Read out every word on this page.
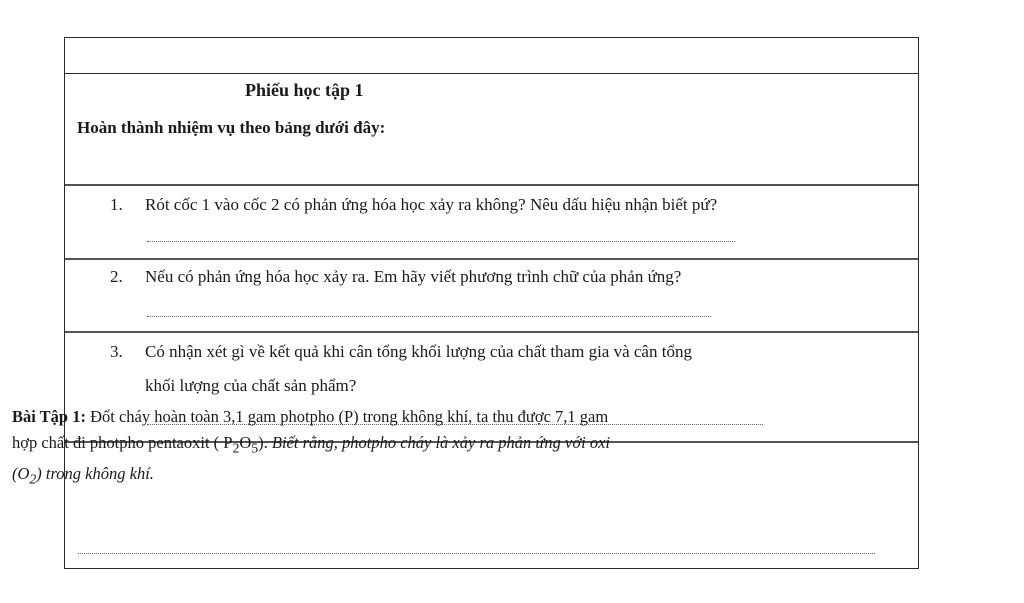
Phiếu học tập 1
Hoàn thành nhiệm vụ theo bảng dưới đây:
1. Rót cốc 1 vào cốc 2 có phản ứng hóa học xảy ra không? Nêu dấu hiệu nhận biết pứ?
2. Nếu có phản ứng hóa học xảy ra. Em hãy viết phương trình chữ của phản ứng?
3. Có nhận xét gì về kết quả khi cân tổng khối lượng của chất tham gia và cân tổng
khối lượng của chất sản phẩm?
Bài Tập 1: Đốt cháy hoàn toàn 3,1 gam photpho (P) trong không khí, ta thu được 7,1 gam
hợp chất đi photpho pentaoxit ( $P_2O_5$). Biết rằng, photpho cháy là xảy ra phản ứng với oxi
$(O_2)$ trong không khí.
